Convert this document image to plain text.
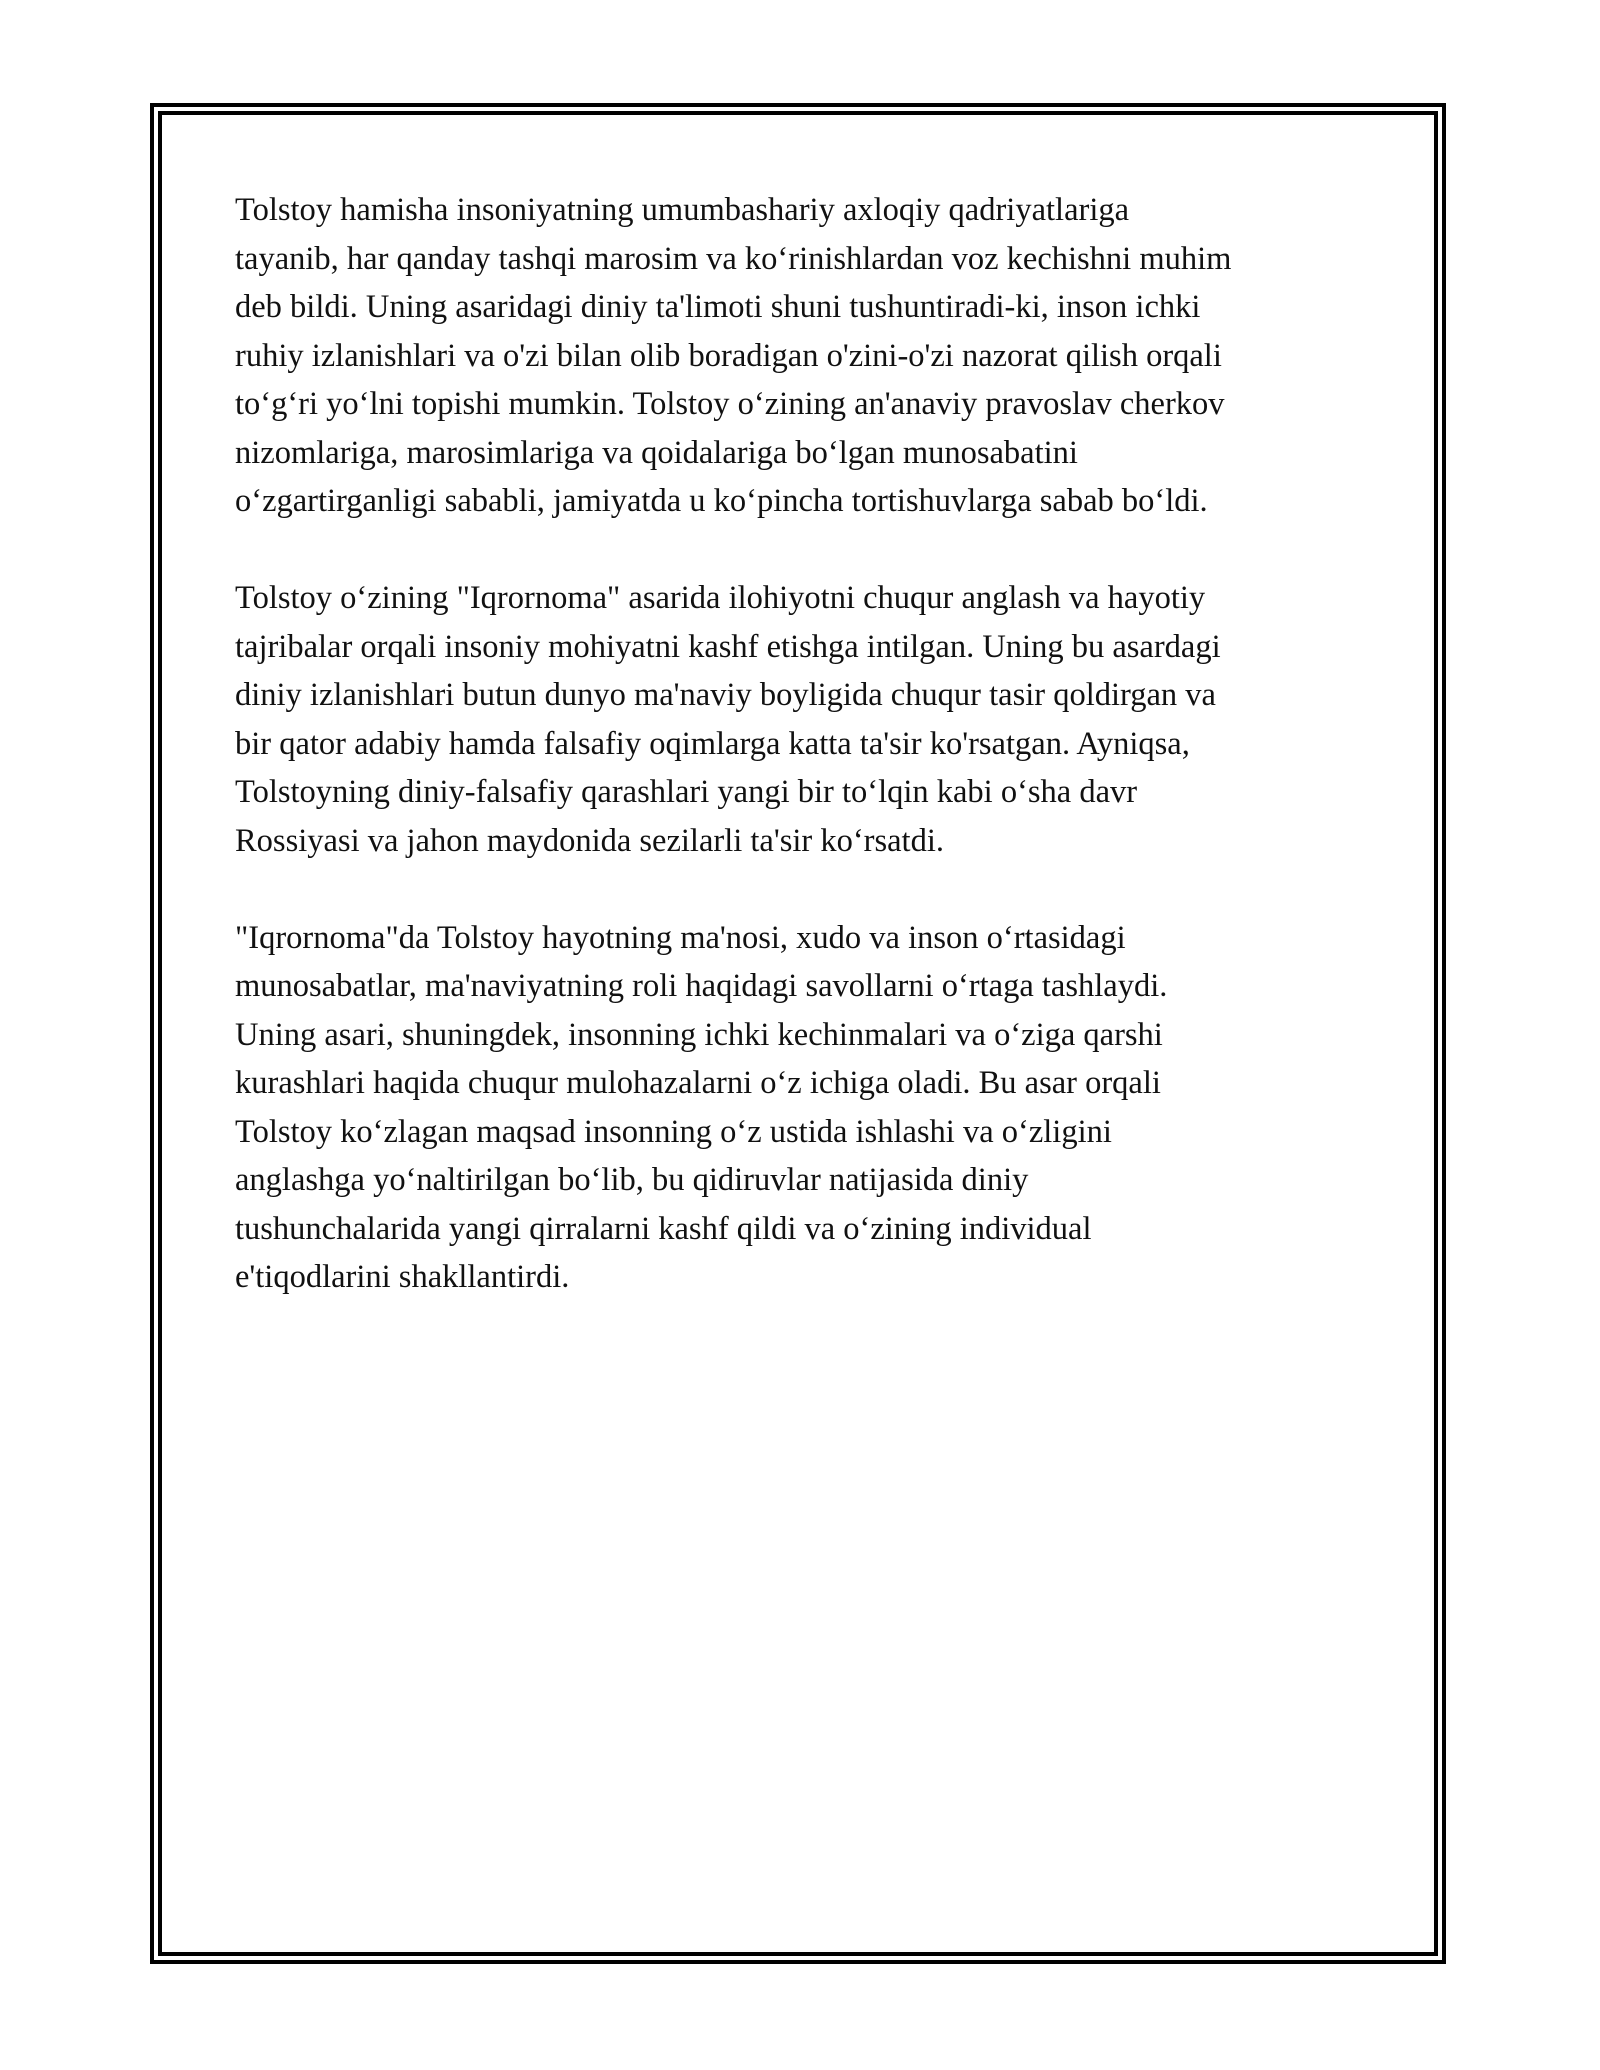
Tolstoy hamisha insoniyatning umumbashariy axloqiy qadriyatlariga
tayanib, har qanday tashqi marosim va ko‘rinishlardan voz kechishni muhim
deb bildi. Uning asaridagi diniy ta'limoti shuni tushuntiradi-ki, inson ichki
ruhiy izlanishlari va o'zi bilan olib boradigan o'zini-o'zi nazorat qilish orqali
to‘g‘ri yo‘lni topishi mumkin. Tolstoy o‘zining an'anaviy pravoslav cherkov
nizomlariga, marosimlariga va qoidalariga bo‘lgan munosabatini
o‘zgartirganligi sababli, jamiyatda u ko‘pincha tortishuvlarga sabab bo‘ldi.

Tolstoy o‘zining "Iqrornoma" asarida ilohiyotni chuqur anglash va hayotiy
tajribalar orqali insoniy mohiyatni kashf etishga intilgan. Uning bu asardagi
diniy izlanishlari butun dunyo ma'naviy boyligida chuqur tasir qoldirgan va
bir qator adabiy hamda falsafiy oqimlarga katta ta'sir ko'rsatgan. Ayniqsa,
Tolstoyning diniy-falsafiy qarashlari yangi bir to‘lqin kabi o‘sha davr
Rossiyasi va jahon maydonida sezilarli ta'sir ko‘rsatdi.

"Iqrornoma"da Tolstoy hayotning ma'nosi, xudo va inson o‘rtasidagi
munosabatlar, ma'naviyatning roli haqidagi savollarni o‘rtaga tashlaydi.
Uning asari, shuningdek, insonning ichki kechinmalari va o‘ziga qarshi
kurashlari haqida chuqur mulohazalarni o‘z ichiga oladi. Bu asar orqali
Tolstoy ko‘zlagan maqsad insonning o‘z ustida ishlashi va o‘zligini
anglashga yo‘naltirilgan bo‘lib, bu qidiruvlar natijasida diniy
tushunchalarida yangi qirralarni kashf qildi va o‘zining individual
e'tiqodlarini shakllantirdi.
